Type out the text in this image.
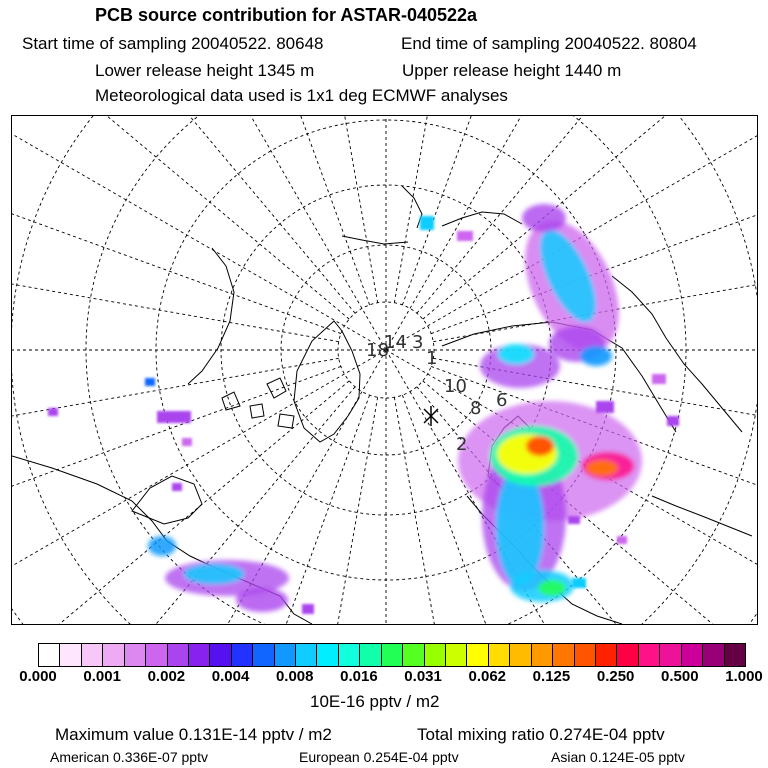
PCB source contribution for ASTAR-040522a
Start time of sampling 20040522. 80648	End time of sampling 20040522. 80804
Lower release height 1345 m	Upper release height 1440 m
Meteorological data used is 1x1 deg ECMWF analyses
18
14 3
1
10
6
8
2
0.000 0.001 0.002 0.004 0.008 0.016 0.031 0.062 0.125 0.250 0.500 1.000
10E-16 pptv / m2
Maximum value 0.131E-14 pptv / m2	Total mixing ratio 0.274E-04 pptv
American 0.336E-07 pptv	European 0.254E-04 pptv	Asian 0.124E-05 pptv
